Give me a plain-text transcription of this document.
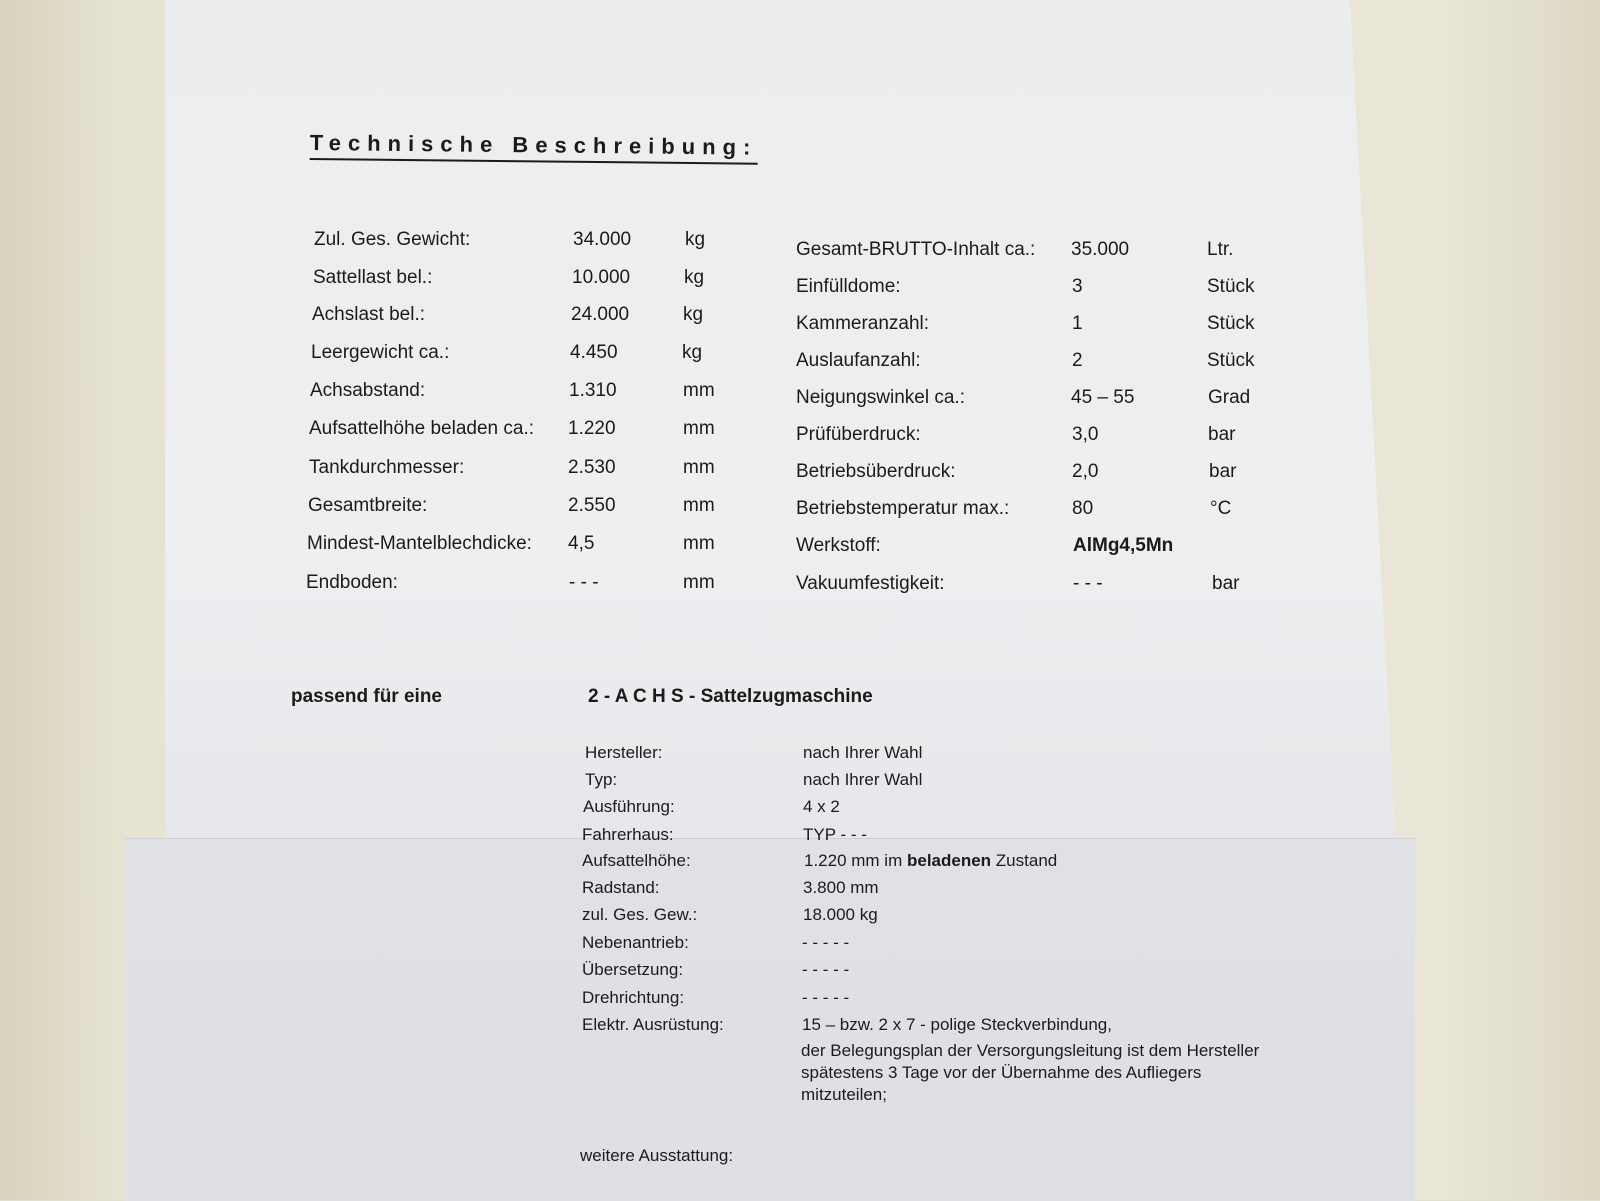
Technische Beschreibung:
Zul. Ges. Gewicht:	34.000	kg
Sattellast bel.:	10.000	kg
Achslast bel.:	24.000	kg
Leergewicht ca.:	4.450	kg
Achsabstand:	1.310	mm
Aufsattelhöhe beladen ca.: 1.220	mm
Tankdurchmesser:	2.530	mm
Gesamtbreite:	2.550	mm
Mindest-Mantelblechdicke: 4,5	mm
Endboden:	- - -	mm
Gesamt-BRUTTO-Inhalt ca.: 35.000	Ltr.
Einfülldome:	3	Stück
Kammeranzahl:	1	Stück
Auslaufanzahl:	2	Stück
Neigungswinkel ca.:	45 – 55	Grad
Prüfüberdruck:	3,0	bar
Betriebsüberdruck:	2,0	bar
Betriebstemperatur max.:	80	°C
Werkstoff:	AlMg4,5Mn
Vakuumfestigkeit:	- - -	bar
passend für eine	2 - A C H S - Sattelzugmaschine
Hersteller:	nach Ihrer Wahl
Typ:	nach Ihrer Wahl
Ausführung:	4 x 2
Fahrerhaus:	TYP - - -
Aufsattelhöhe:	1.220 mm im beladenen Zustand
Radstand:	3.800 mm
zul. Ges. Gew.:	18.000 kg
Nebenantrieb:	- - - - -
Übersetzung:	- - - - -
Drehrichtung:	- - - - -
Elektr. Ausrüstung:	15 – bzw. 2 x 7 - polige Steckverbindung,
der Belegungsplan der Versorgungsleitung ist dem Hersteller
spätestens 3 Tage vor der Übernahme des Aufliegers
mitzuteilen;
weitere Ausstattung:
